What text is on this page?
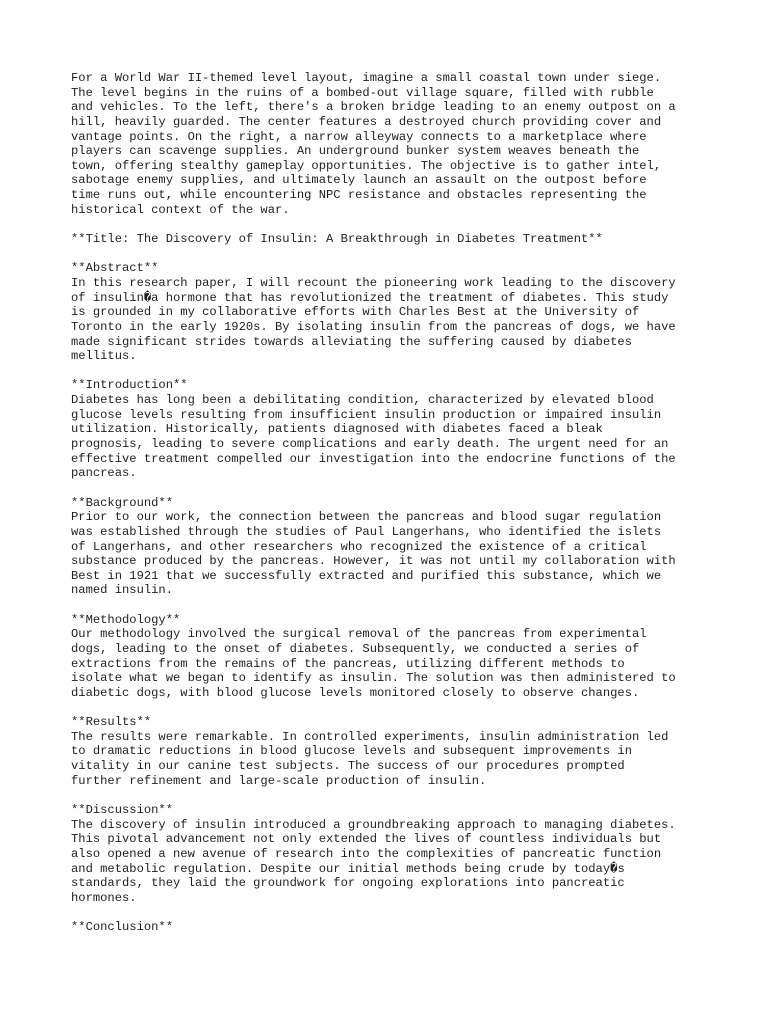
For a World War II-themed level layout, imagine a small coastal town under siege.
The level begins in the ruins of a bombed-out village square, filled with rubble
and vehicles. To the left, there's a broken bridge leading to an enemy outpost on a
hill, heavily guarded. The center features a destroyed church providing cover and
vantage points. On the right, a narrow alleyway connects to a marketplace where
players can scavenge supplies. An underground bunker system weaves beneath the
town, offering stealthy gameplay opportunities. The objective is to gather intel,
sabotage enemy supplies, and ultimately launch an assault on the outpost before
time runs out, while encountering NPC resistance and obstacles representing the
historical context of the war.
**Title: The Discovery of Insulin: A Breakthrough in Diabetes Treatment**
**Abstract**
In this research paper, I will recount the pioneering work leading to the discovery
of insulin�a hormone that has revolutionized the treatment of diabetes. This study
is grounded in my collaborative efforts with Charles Best at the University of
Toronto in the early 1920s. By isolating insulin from the pancreas of dogs, we have
made significant strides towards alleviating the suffering caused by diabetes
mellitus.
**Introduction**
Diabetes has long been a debilitating condition, characterized by elevated blood
glucose levels resulting from insufficient insulin production or impaired insulin
utilization. Historically, patients diagnosed with diabetes faced a bleak
prognosis, leading to severe complications and early death. The urgent need for an
effective treatment compelled our investigation into the endocrine functions of the
pancreas.
**Background**
Prior to our work, the connection between the pancreas and blood sugar regulation
was established through the studies of Paul Langerhans, who identified the islets
of Langerhans, and other researchers who recognized the existence of a critical
substance produced by the pancreas. However, it was not until my collaboration with
Best in 1921 that we successfully extracted and purified this substance, which we
named insulin.
**Methodology**
Our methodology involved the surgical removal of the pancreas from experimental
dogs, leading to the onset of diabetes. Subsequently, we conducted a series of
extractions from the remains of the pancreas, utilizing different methods to
isolate what we began to identify as insulin. The solution was then administered to
diabetic dogs, with blood glucose levels monitored closely to observe changes.
**Results**
The results were remarkable. In controlled experiments, insulin administration led
to dramatic reductions in blood glucose levels and subsequent improvements in
vitality in our canine test subjects. The success of our procedures prompted
further refinement and large-scale production of insulin.
**Discussion**
The discovery of insulin introduced a groundbreaking approach to managing diabetes.
This pivotal advancement not only extended the lives of countless individuals but
also opened a new avenue of research into the complexities of pancreatic function
and metabolic regulation. Despite our initial methods being crude by today�s
standards, they laid the groundwork for ongoing explorations into pancreatic
hormones.
**Conclusion**
